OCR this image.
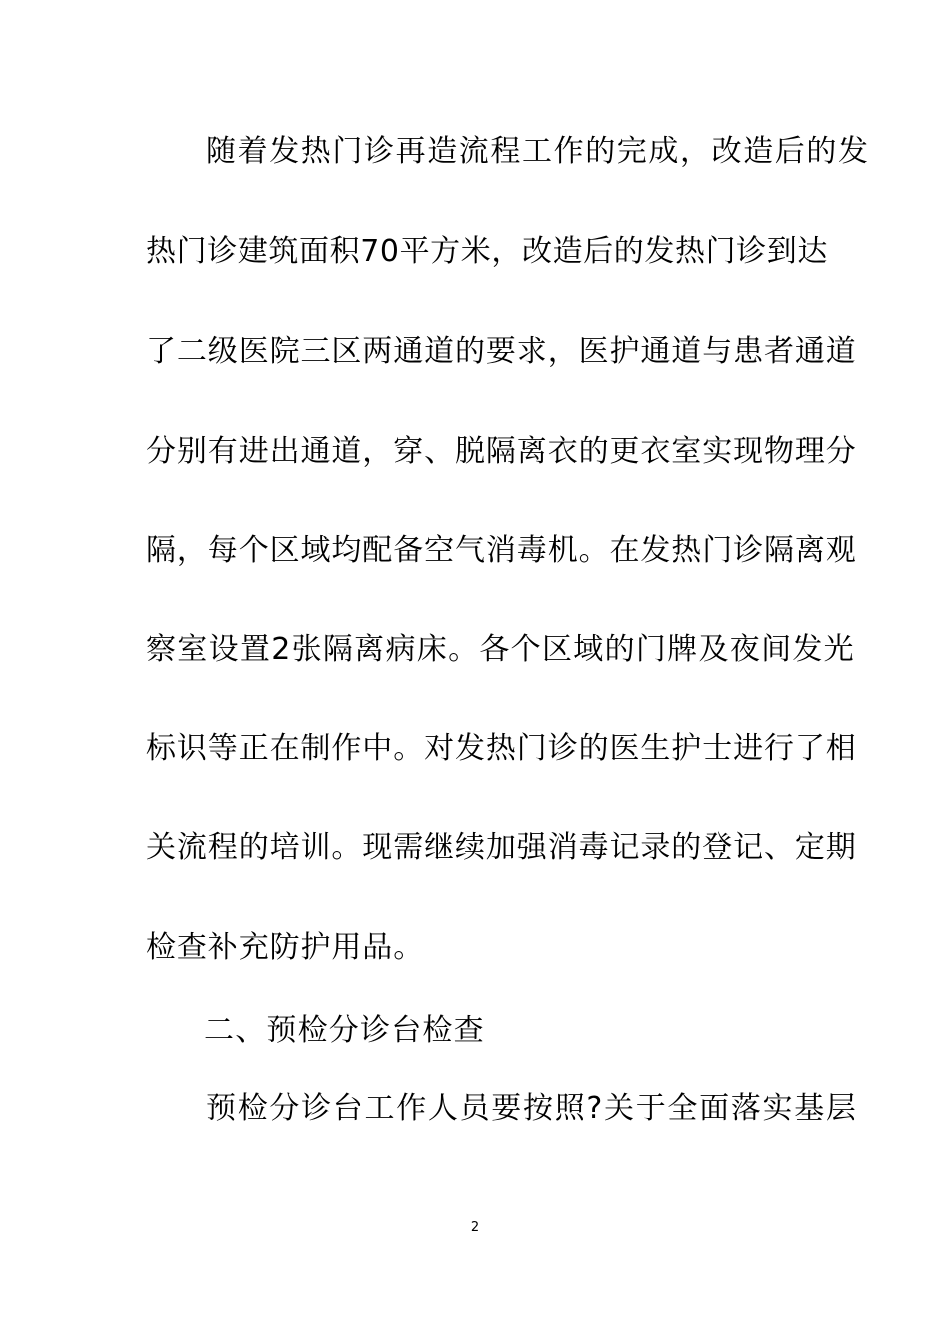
随着发热门诊再造流程工作的完成，改造后的发
热门诊建筑面积70平方米，改造后的发热门诊到达
了二级医院三区两通道的要求，医护通道与患者通道
分别有进出通道，穿、脱隔离衣的更衣室实现物理分
隔，每个区域均配备空气消毒机。在发热门诊隔离观
察室设置2张隔离病床。各个区域的门牌及夜间发光
标识等正在制作中。对发热门诊的医生护士进行了相
关流程的培训。现需继续加强消毒记录的登记、定期
检查补充防护用品。
二、预检分诊台检查
预检分诊台工作人员要按照?关于全面落实基层
2
